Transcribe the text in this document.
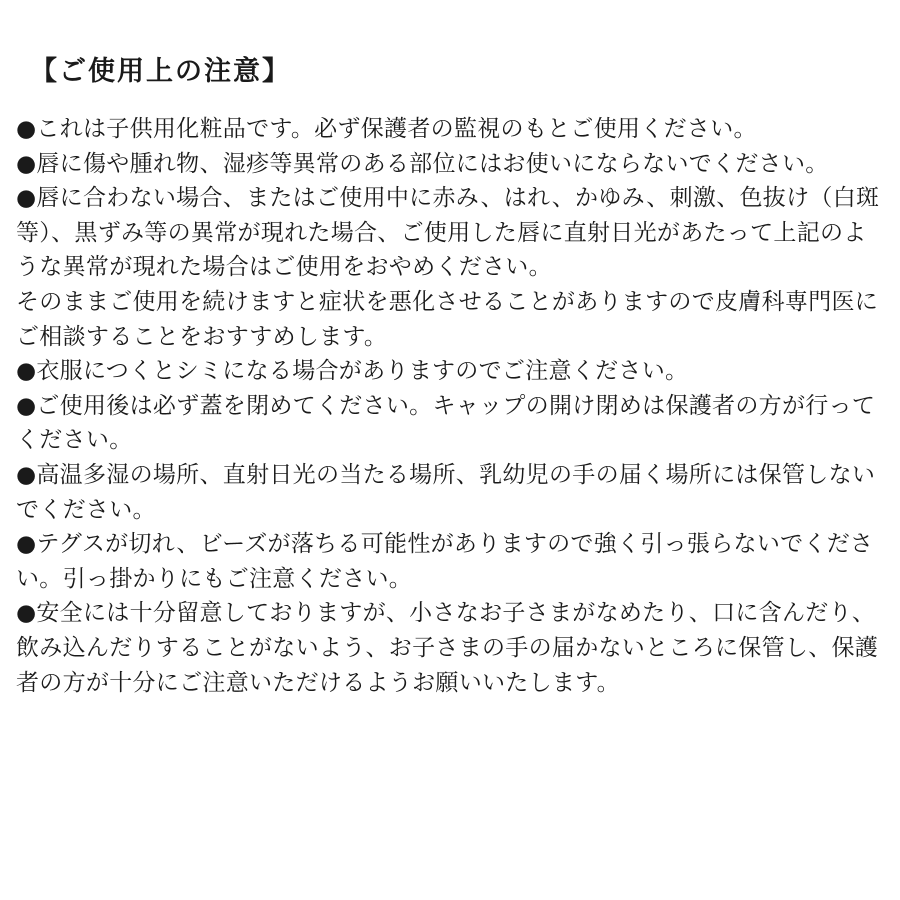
【ご使用上の注意】
●これは子供用化粧品です。必ず保護者の監視のもとご使用ください。
●唇に傷や腫れ物、湿疹等異常のある部位にはお使いにならないでください。
●唇に合わない場合、またはご使用中に赤み、はれ、かゆみ、刺激、色抜け（白斑等）、黒ずみ等の異常が現れた場合、ご使用した唇に直射日光があたって上記のような異常が現れた場合はご使用をおやめください。
そのままご使用を続けますと症状を悪化させることがありますので皮膚科専門医にご相談することをおすすめします。
●衣服につくとシミになる場合がありますのでご注意ください。
●ご使用後は必ず蓋を閉めてください。キャップの開け閉めは保護者の方が行ってください。
●高温多湿の場所、直射日光の当たる場所、乳幼児の手の届く場所には保管しないでください。
●テグスが切れ、ビーズが落ちる可能性がありますので強く引っ張らないでください。引っ掛かりにもご注意ください。
●安全には十分留意しておりますが、小さなお子さまがなめたり、口に含んだり、飲み込んだりすることがないよう、お子さまの手の届かないところに保管し、保護者の方が十分にご注意いただけるようお願いいたします。
